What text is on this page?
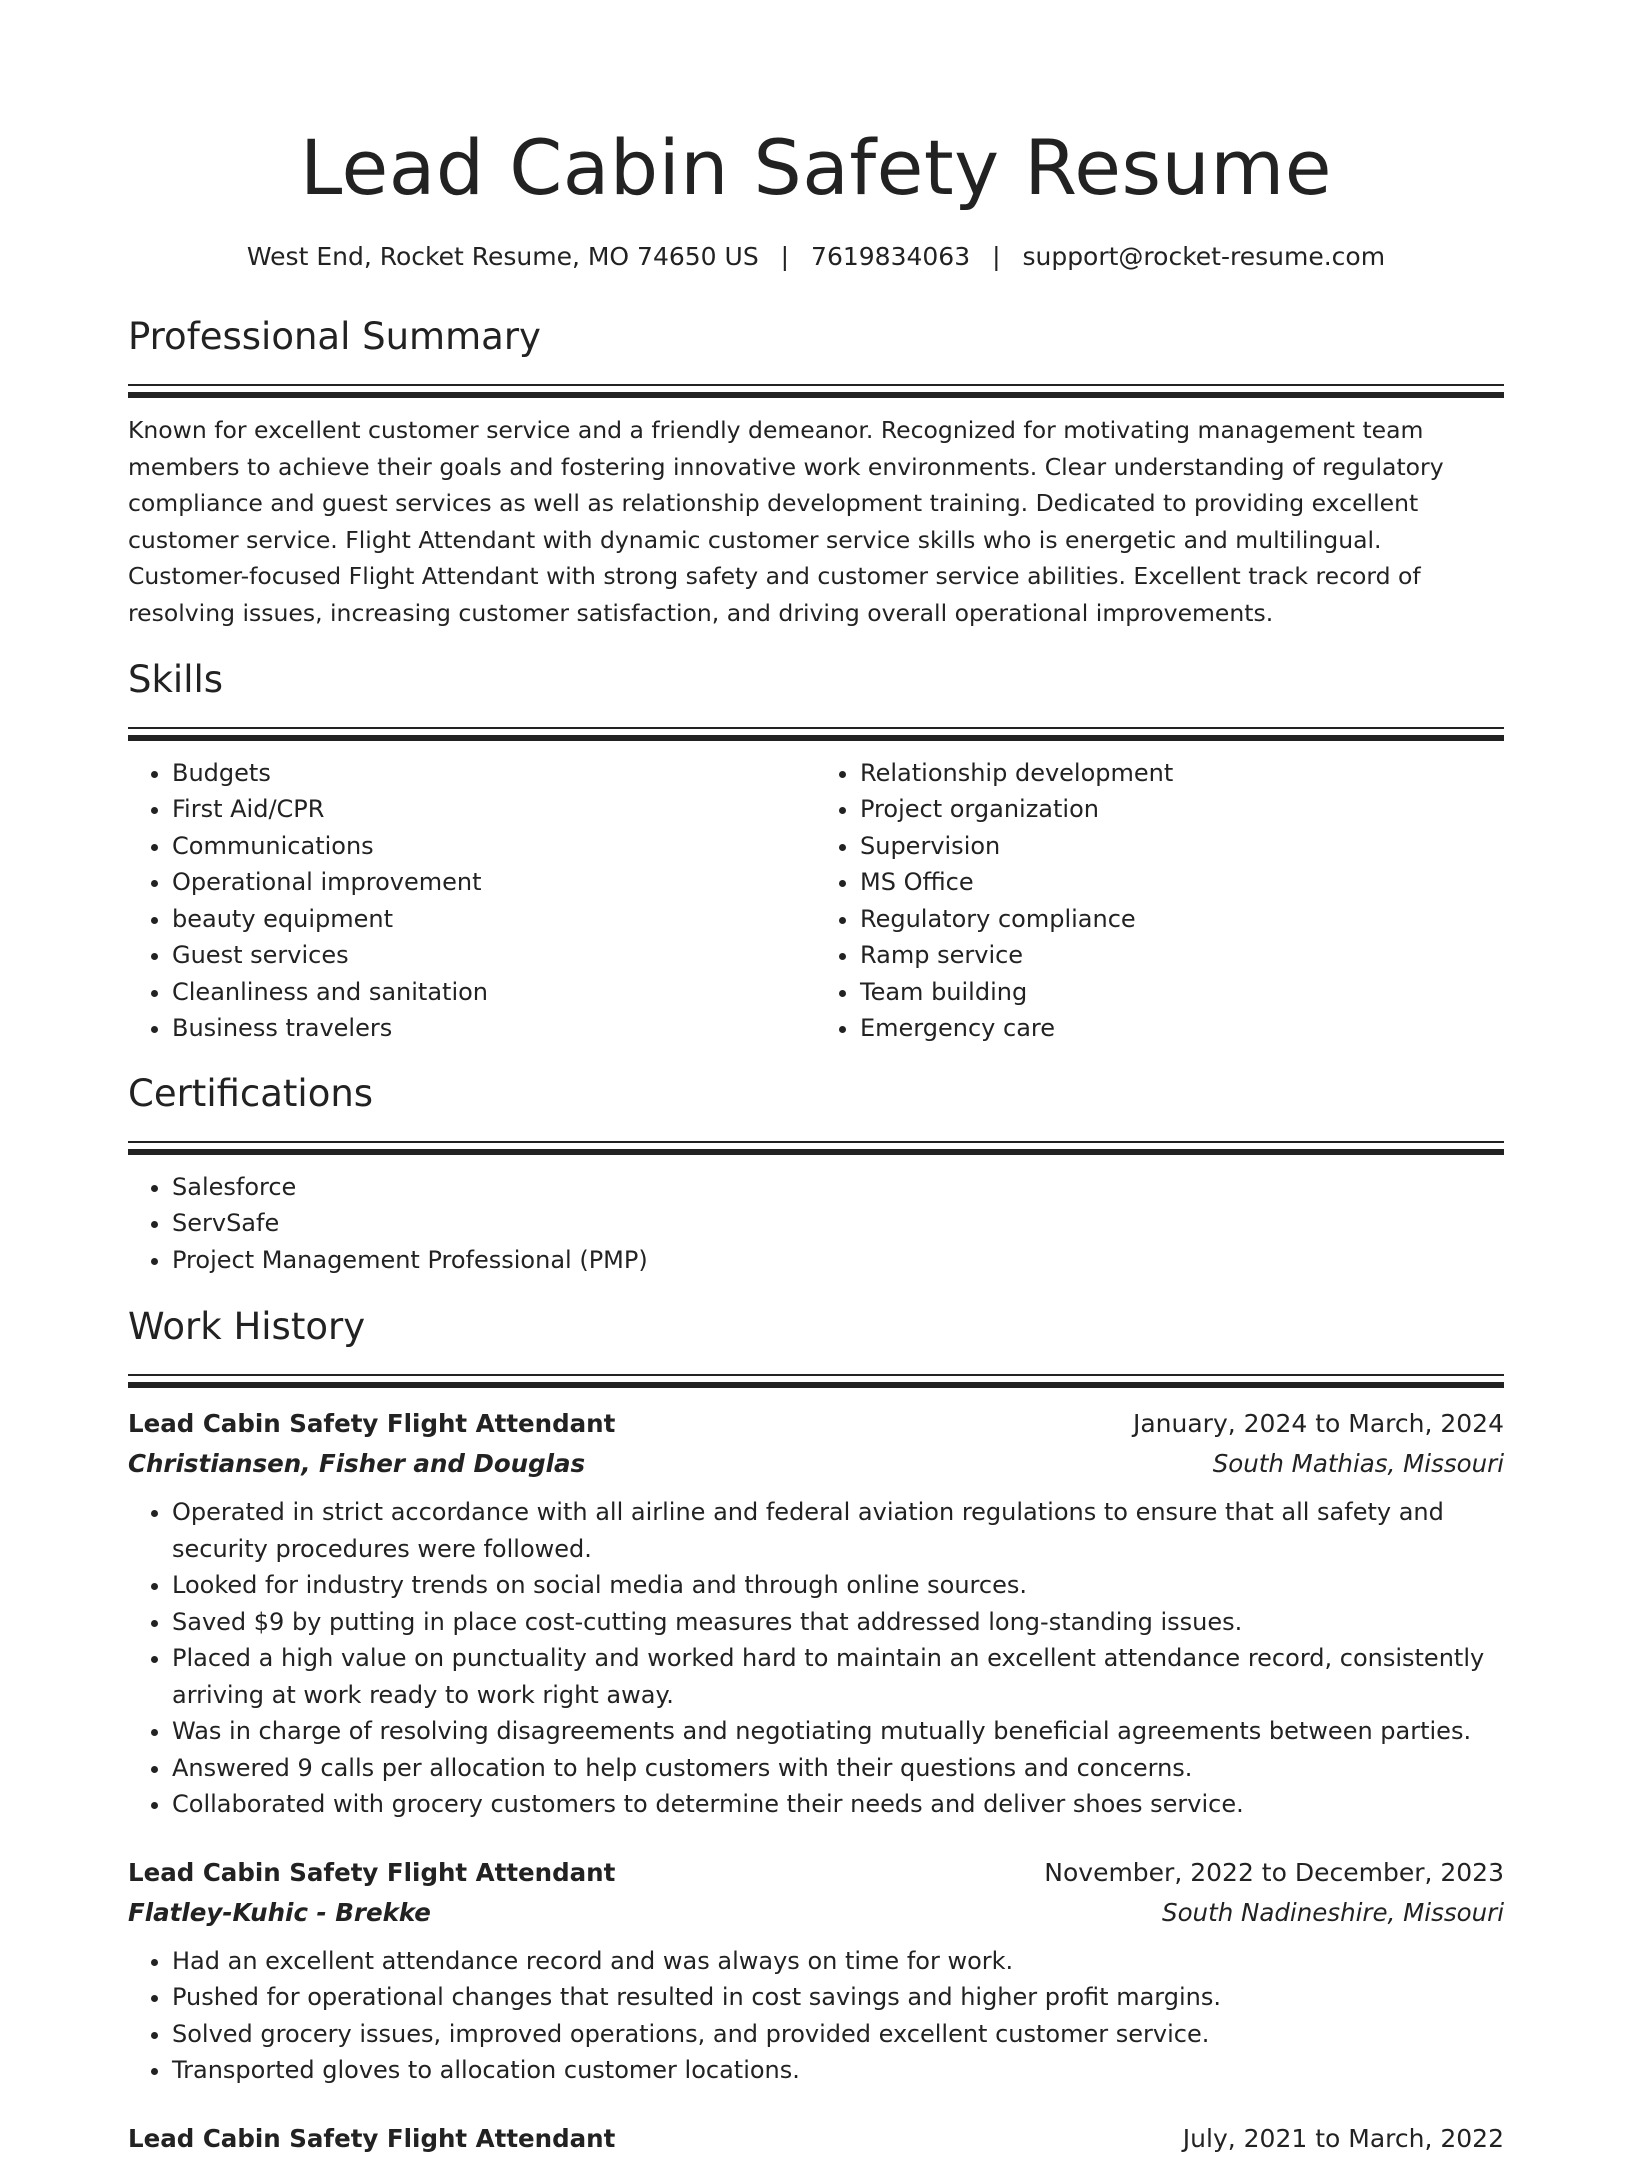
Lead Cabin Safety Resume
West End, Rocket Resume, MO 74650 US | 7619834063 | support@rocket-resume.com
Professional Summary

Known for excellent customer service and a friendly demeanor. Recognized for motivating management team members to achieve their goals and fostering innovative work environments. Clear understanding of regulatory compliance and guest services as well as relationship development training. Dedicated to providing excellent customer service. Flight Attendant with dynamic customer service skills who is energetic and multilingual. Customer-focused Flight Attendant with strong safety and customer service abilities. Excellent track record of resolving issues, increasing customer satisfaction, and driving overall operational improvements.

Skills
• Budgets
• First Aid/CPR
• Communications
• Operational improvement
• beauty equipment
• Guest services
• Cleanliness and sanitation
• Business travelers
• Relationship development
• Project organization
• Supervision
• MS Office
• Regulatory compliance
• Ramp service
• Team building
• Emergency care
Certifications
• Salesforce
• ServSafe
• Project Management Professional (PMP)
Work History
Lead Cabin Safety Flight Attendant	January, 2024 to March, 2024
Christiansen, Fisher and Douglas	South Mathias, Missouri
• Operated in strict accordance with all airline and federal aviation regulations to ensure that all safety and security procedures were followed.
• Looked for industry trends on social media and through online sources.
• Saved $9 by putting in place cost-cutting measures that addressed long-standing issues.
• Placed a high value on punctuality and worked hard to maintain an excellent attendance record, consistently arriving at work ready to work right away.
• Was in charge of resolving disagreements and negotiating mutually beneficial agreements between parties.
• Answered 9 calls per allocation to help customers with their questions and concerns.
• Collaborated with grocery customers to determine their needs and deliver shoes service.
Lead Cabin Safety Flight Attendant	November, 2022 to December, 2023
Flatley-Kuhic - Brekke	South Nadineshire, Missouri
• Had an excellent attendance record and was always on time for work.
• Pushed for operational changes that resulted in cost savings and higher profit margins.
• Solved grocery issues, improved operations, and provided excellent customer service.
• Transported gloves to allocation customer locations.
Lead Cabin Safety Flight Attendant	July, 2021 to March, 2022
